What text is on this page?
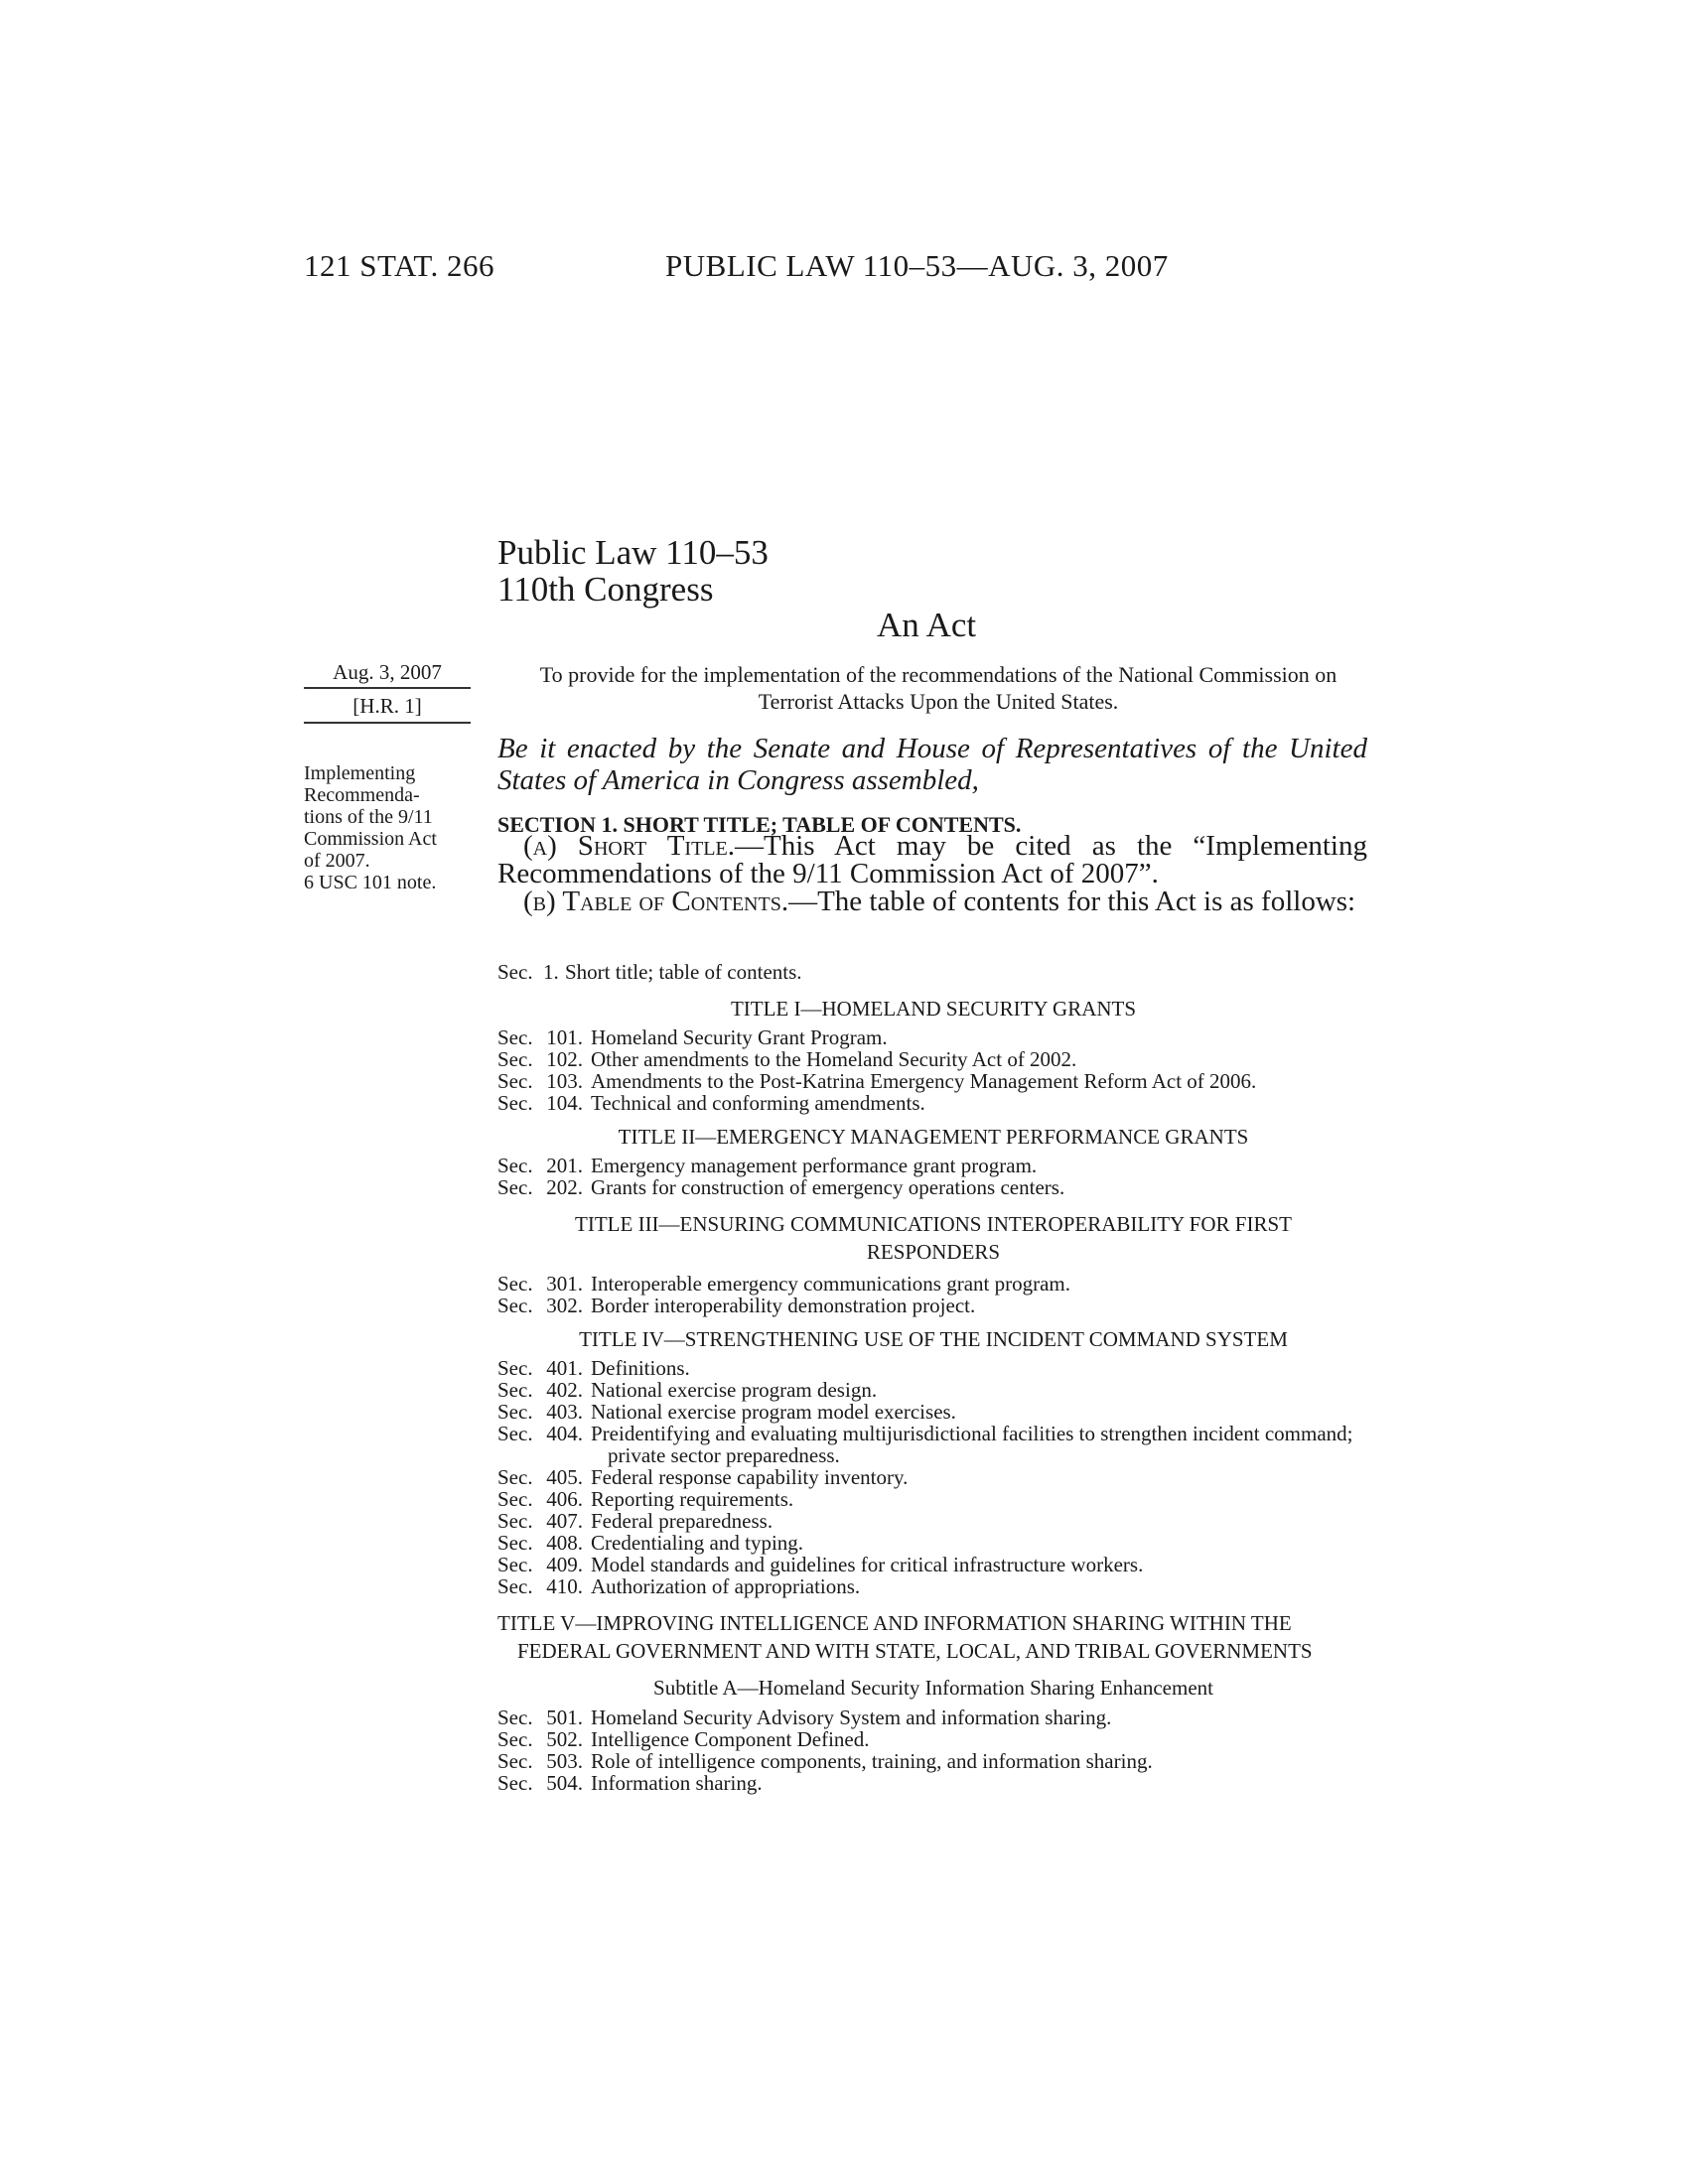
121 STAT. 266	PUBLIC LAW 110–53—AUG. 3, 2007
Public Law 110–53
110th Congress
An Act
Aug. 3, 2007
[H.R. 1]
Implementing
Recommenda-
tions of the 9/11
Commission Act
of 2007.
6 USC 101 note.
To provide for the implementation of the recommendations of the National Commission on Terrorist Attacks Upon the United States.
Be it enacted by the Senate and House of Representatives of the United States of America in Congress assembled,
SECTION 1. SHORT TITLE; TABLE OF CONTENTS.
(a) Short Title.—This Act may be cited as the “Implementing Recommendations of the 9/11 Commission Act of 2007”.
(b) Table of Contents.—The table of contents for this Act is as follows:
Sec. 1. Short title; table of contents.
TITLE I—HOMELAND SECURITY GRANTS
Sec. 101. Homeland Security Grant Program.
Sec. 102. Other amendments to the Homeland Security Act of 2002.
Sec. 103. Amendments to the Post-Katrina Emergency Management Reform Act of 2006.
Sec. 104. Technical and conforming amendments.
TITLE II—EMERGENCY MANAGEMENT PERFORMANCE GRANTS
Sec. 201. Emergency management performance grant program.
Sec. 202. Grants for construction of emergency operations centers.
TITLE III—ENSURING COMMUNICATIONS INTEROPERABILITY FOR FIRST RESPONDERS
Sec. 301. Interoperable emergency communications grant program.
Sec. 302. Border interoperability demonstration project.
TITLE IV—STRENGTHENING USE OF THE INCIDENT COMMAND SYSTEM
Sec. 401. Definitions.
Sec. 402. National exercise program design.
Sec. 403. National exercise program model exercises.
Sec. 404. Preidentifying and evaluating multijurisdictional facilities to strengthen incident command; private sector preparedness.
Sec. 405. Federal response capability inventory.
Sec. 406. Reporting requirements.
Sec. 407. Federal preparedness.
Sec. 408. Credentialing and typing.
Sec. 409. Model standards and guidelines for critical infrastructure workers.
Sec. 410. Authorization of appropriations.
TITLE V—IMPROVING INTELLIGENCE AND INFORMATION SHARING WITHIN THE FEDERAL GOVERNMENT AND WITH STATE, LOCAL, AND TRIBAL GOVERNMENTS
Subtitle A—Homeland Security Information Sharing Enhancement
Sec. 501. Homeland Security Advisory System and information sharing.
Sec. 502. Intelligence Component Defined.
Sec. 503. Role of intelligence components, training, and information sharing.
Sec. 504. Information sharing.
